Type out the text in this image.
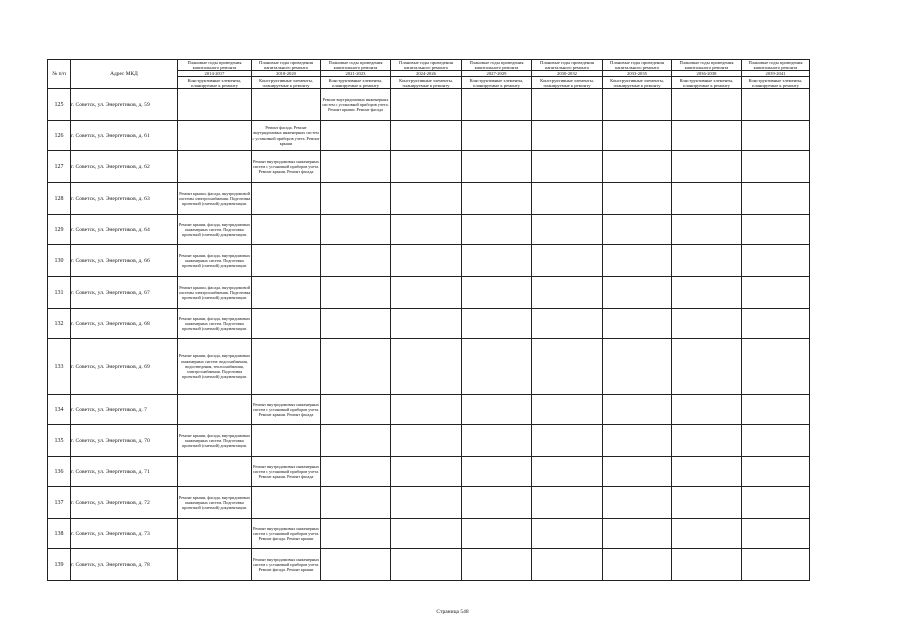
№ п/п	Адрес МКД	Плановые годы проведения капитального ремонта	Плановые годы проведения капитального ремонта	Плановые годы проведения капитального ремонта	Плановые годы проведения капитального ремонта	Плановые годы проведения капитального ремонта	Плановые годы проведения капитального ремонта	Плановые годы проведения капитального ремонта	Плановые годы проведения капитального ремонта	Плановые годы проведения капитального ремонта
		2014-2017	2018-2020	2021-2023	2024-2026	2027-2029	2030-2032	2033-2035	2036-2038	2039-2041
		Конструктивные элементы, планируемые к ремонту	Конструктивные элементы, планируемые к ремонту	Конструктивные элементы, планируемые к ремонту	Конструктивные элементы, планируемые к ремонту	Конструктивные элементы, планируемые к ремонту	Конструктивные элементы, планируемые к ремонту	Конструктивные элементы, планируемые к ремонту	Конструктивные элементы, планируемые к ремонту	Конструктивные элементы, планируемые к ремонту
125	г. Советск, ул. Энергетиков, д. 59			Ремонт внутридомовых инженерных систем с установкой приборов учета. Ремонт крыши. Ремонт фасада						
126	г. Советск, ул. Энергетиков, д. 61		Ремонт фасада. Ремонт внутридомовых инженерных систем с установкой приборов учета. Ремонт крыши							
127	г. Советск, ул. Энергетиков, д. 62		Ремонт внутридомовых инженерных систем с установкой приборов учета. Ремонт крыши. Ремонт фасада							
128	г. Советск, ул. Энергетиков, д. 63	Ремонт крыши, фасада, внутридомовой системы электроснабжения. Подготовка проектной (сметной) документации.								
129	г. Советск, ул. Энергетиков, д. 64	Ремонт крыши, фасада, внутридомовых инженерных систем. Подготовка проектной (сметной) документации.								
130	г. Советск, ул. Энергетиков, д. 66	Ремонт крыши, фасада, внутридомовых инженерных систем. Подготовка проектной (сметной) документации.								
131	г. Советск, ул. Энергетиков, д. 67	Ремонт крыши, фасада, внутридомовой системы электроснабжения. Подготовка проектной (сметной) документации.								
132	г. Советск, ул. Энергетиков, д. 68	Ремонт крыши, фасада, внутридомовых инженерных систем. Подготовка проектной (сметной) документации.								
133	г. Советск, ул. Энергетиков, д. 69	Ремонт крыши, фасада, внутридомовых инженерных систем: водоснабжения, водоотведения, теплоснабжения, электроснабжения. Подготовка проектной (сметной) документации.								
134	г. Советск, ул. Энергетиков, д. 7		Ремонт внутридомовых инженерных систем с установкой приборов учета. Ремонт крыши. Ремонт фасада							
135	г. Советск, ул. Энергетиков, д. 70	Ремонт крыши, фасада, внутридомовых инженерных систем. Подготовка проектной (сметной) документации.								
136	г. Советск, ул. Энергетиков, д. 71		Ремонт внутридомовых инженерных систем с установкой приборов учета. Ремонт крыши. Ремонт фасада							
137	г. Советск, ул. Энергетиков, д. 72	Ремонт крыши, фасада, внутридомовых инженерных систем. Подготовка проектной (сметной) документации.								
138	г. Советск, ул. Энергетиков, д. 73		Ремонт внутридомовых инженерных систем с установкой приборов учета. Ремонт фасада. Ремонт крыши							
139	г. Советск, ул. Энергетиков, д. 78		Ремонт внутридомовых инженерных систем с установкой приборов учета. Ремонт фасада. Ремонт крыши							
Страница 548
